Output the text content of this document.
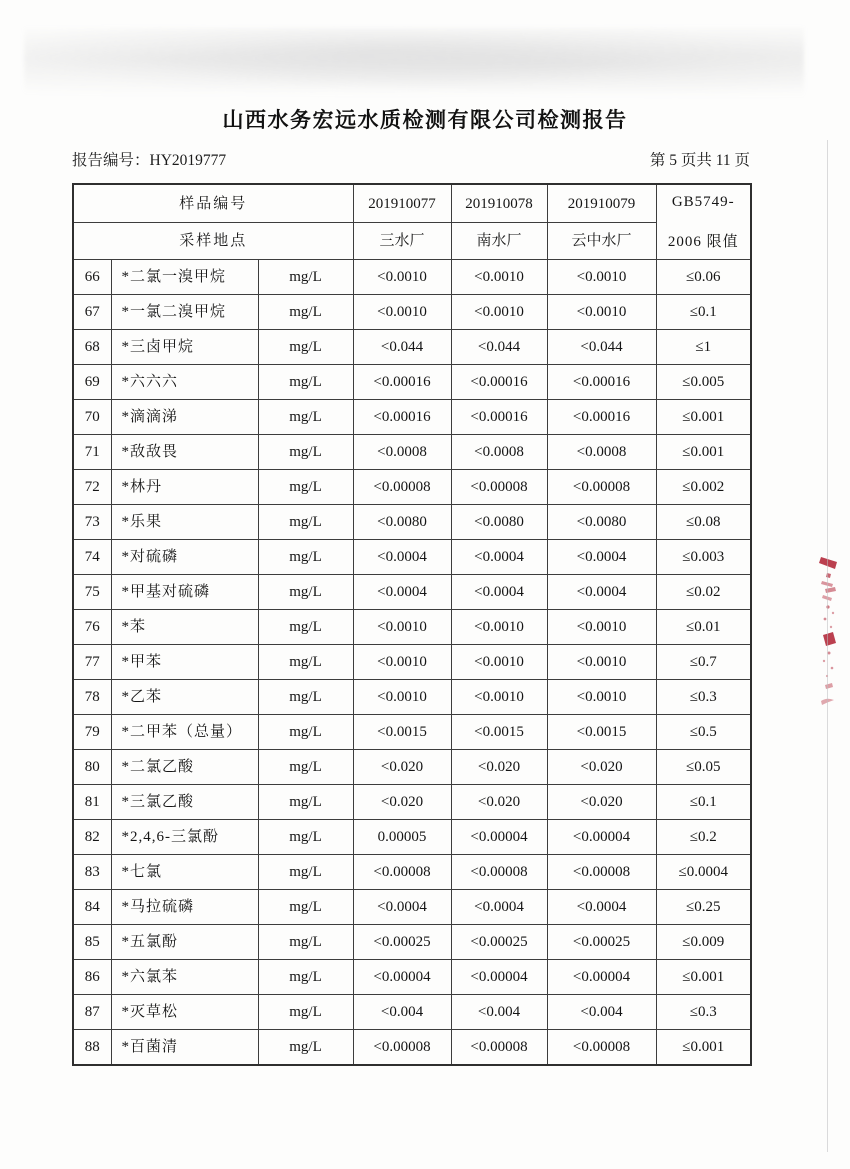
山西水务宏远水质检测有限公司检测报告
报告编号：HY2019777	第 5 页共 11 页
样品编号			201910077	201910078	201910079	GB5749-
2006 限值

采样地点			三水厂	南水厂	云中水厂	
66	*二氯一溴甲烷	mg/L	<0.0010	<0.0010	<0.0010	≤0.06
67	*一氯二溴甲烷	mg/L	<0.0010	<0.0010	<0.0010	≤0.1
68	*三卤甲烷	mg/L	<0.044	<0.044	<0.044	≤1
69	*六六六	mg/L	<0.00016	<0.00016	<0.00016	≤0.005
70	*滴滴涕	mg/L	<0.00016	<0.00016	<0.00016	≤0.001
71	*敌敌畏	mg/L	<0.0008	<0.0008	<0.0008	≤0.001
72	*林丹	mg/L	<0.00008	<0.00008	<0.00008	≤0.002
73	*乐果	mg/L	<0.0080	<0.0080	<0.0080	≤0.08
74	*对硫磷	mg/L	<0.0004	<0.0004	<0.0004	≤0.003
75	*甲基对硫磷	mg/L	<0.0004	<0.0004	<0.0004	≤0.02
76	*苯	mg/L	<0.0010	<0.0010	<0.0010	≤0.01
77	*甲苯	mg/L	<0.0010	<0.0010	<0.0010	≤0.7
78	*乙苯	mg/L	<0.0010	<0.0010	<0.0010	≤0.3
79	*二甲苯（总量）	mg/L	<0.0015	<0.0015	<0.0015	≤0.5
80	*二氯乙酸	mg/L	<0.020	<0.020	<0.020	≤0.05
81	*三氯乙酸	mg/L	<0.020	<0.020	<0.020	≤0.1
82	*2,4,6-三氯酚	mg/L	0.00005	<0.00004	<0.00004	≤0.2
83	*七氯	mg/L	<0.00008	<0.00008	<0.00008	≤0.0004
84	*马拉硫磷	mg/L	<0.0004	<0.0004	<0.0004	≤0.25
85	*五氯酚	mg/L	<0.00025	<0.00025	<0.00025	≤0.009
86	*六氯苯	mg/L	<0.00004	<0.00004	<0.00004	≤0.001
87	*灭草松	mg/L	<0.004	<0.004	<0.004	≤0.3
88	*百菌清	mg/L	<0.00008	<0.00008	<0.00008	≤0.001
